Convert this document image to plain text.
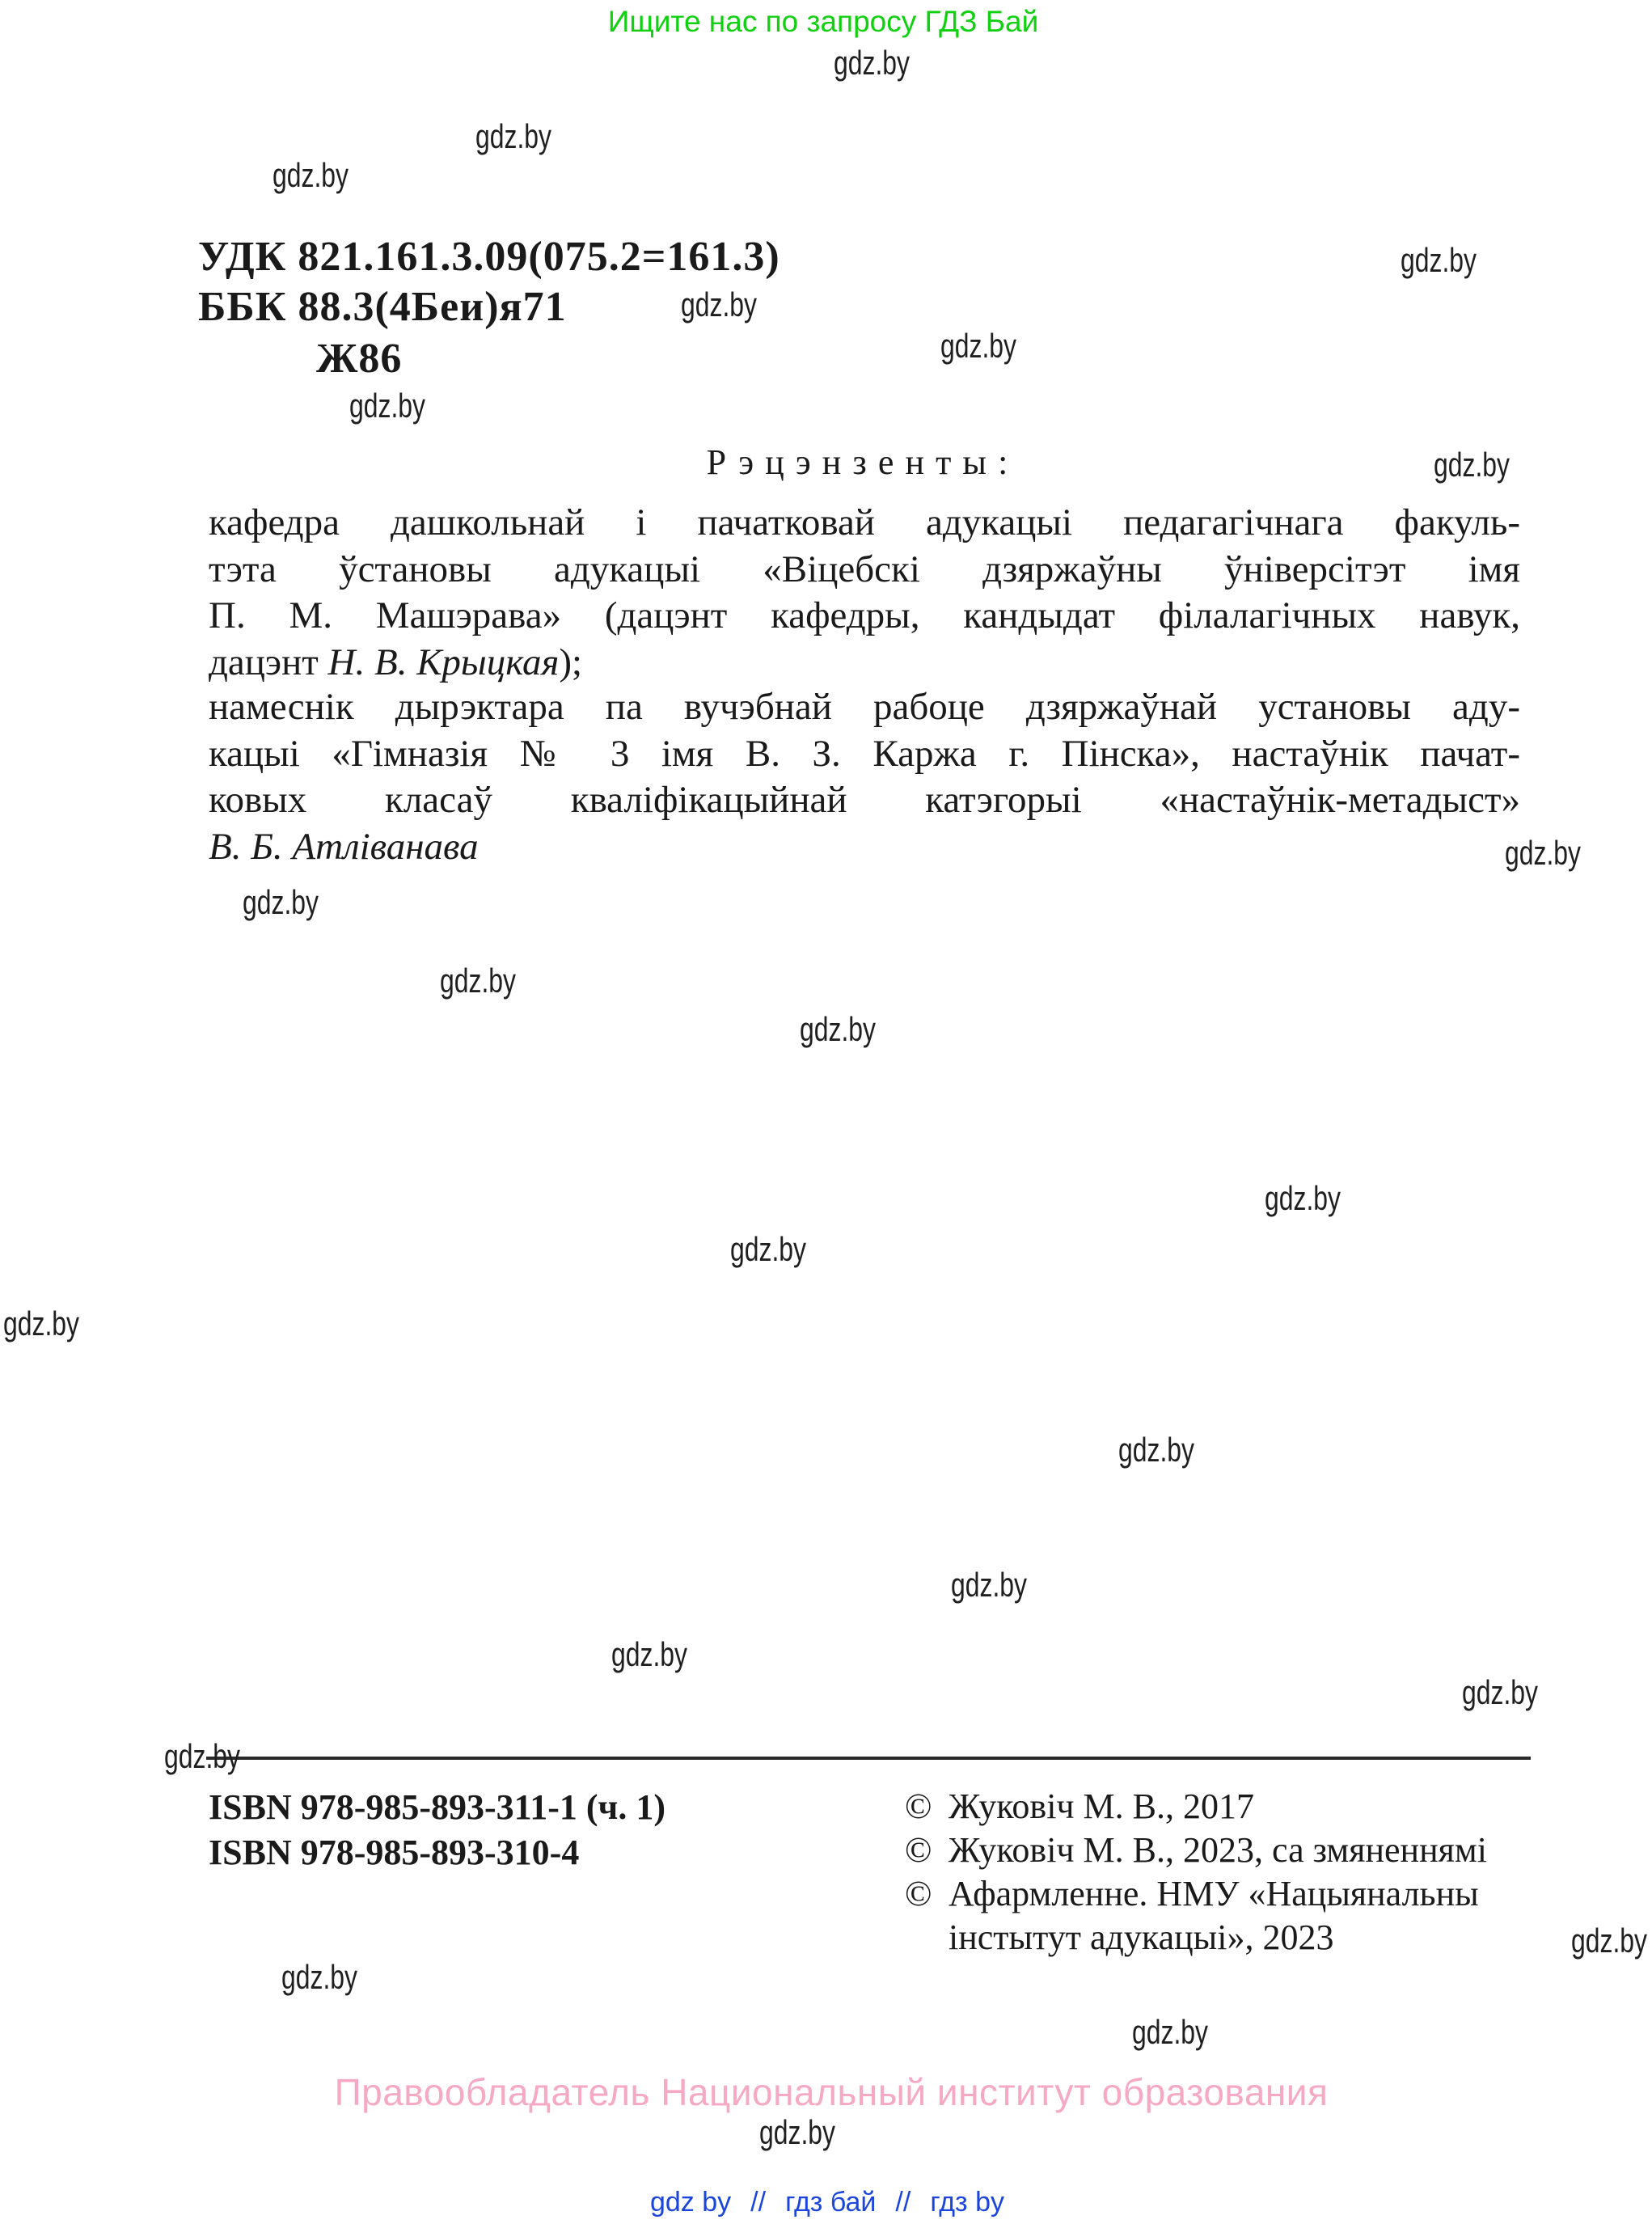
Ищите нас по запросу ГДЗ Бай
УДК 821.161.3.09(075.2=161.3)
ББК 88.3(4Беи)я71
Ж86
Рэцэнзенты:
кафедра дашкольнай і пачатковай адукацыі педагагічнага факуль-
тэта ўстановы адукацыі «Віцебскі дзяржаўны ўніверсітэт імя
П. М. Машэрава» (дацэнт кафедры, кандыдат філалагічных навук,
дацэнт Н. В. Крыцкая);
намеснік дырэктара па вучэбнай рабоце дзяржаўнай установы аду-
кацыі «Гімназія № 3 імя В. З. Каржа г. Пінска», настаўнік пачат-
ковых класаў кваліфікацыйнай катэгорыі «настаўнік-метадыст»
В. Б. Атліванава
ISBN 978-985-893-311-1 (ч. 1)
ISBN 978-985-893-310-4
© Жуковіч М. В., 2017
© Жуковіч М. В., 2023, са змяненнямі
© Афармленне. НМУ «Нацыянальны
інстытут адукацыі», 2023
Правообладатель Национальный институт образования
gdz by // гдз бай // гдз by
gdz.by
gdz.by
gdz.by
gdz.by
gdz.by
gdz.by
gdz.by
gdz.by
gdz.by
gdz.by
gdz.by
gdz.by
gdz.by
gdz.by
gdz.by
gdz.by
gdz.by
gdz.by
gdz.by
gdz.by
gdz.by
gdz.by
gdz.by
gdz.by
